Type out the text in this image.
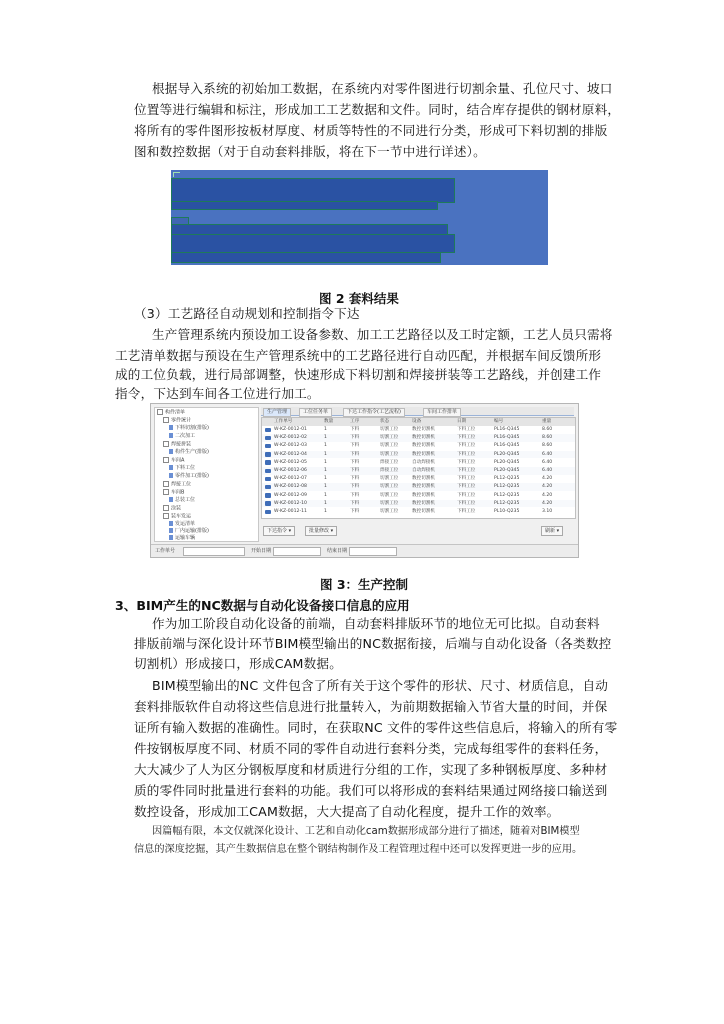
根据导入系统的初始加工数据，在系统内对零件图进行切割余量、孔位尺寸、坡口
位置等进行编辑和标注，形成加工工艺数据和文件。同时，结合库存提供的钢材原料，
将所有的零件图形按板材厚度、材质等特性的不同进行分类，形成可下料切割的排版
图和数控数据（对于自动套料排版，将在下一节中进行详述）。
图 2 套料结果
（3）工艺路径自动规划和控制指令下达
生产管理系统内预设加工设备参数、加工工艺路径以及工时定额，工艺人员只需将
工艺清单数据与预设在生产管理系统中的工艺路径进行自动匹配，并根据车间反馈所形
成的工位负载，进行局部调整，快速形成下料切割和焊接拼装等工艺路线，并创建工作
指令，下达到车间各工位进行加工。
构件清单
零件统计
下料切割(排版)
二次加工
焊接拼装
构件生产(排版)
车间A
下料工位
零件加工(排版)
焊接工位
车间B
总装工位
涂装
装车发运
发运清单
厂内运输(排版)
运输车辆
生产管理	工位任务单	下达工作指令(工艺流程)	车间工作排单
工作单号	数量	工序	状态	设备	日期	编号	重量
W-KZ-0012-01	1	下料	切割工位	数控切割机	下料工位	PL16-Q345	8.60
W-KZ-0012-02	1	下料	切割工位	数控切割机	下料工位	PL16-Q345	8.60
W-KZ-0012-03	1	下料	切割工位	数控切割机	下料工位	PL16-Q345	8.60
W-KZ-0012-04	1	下料	切割工位	数控切割机	下料工位	PL20-Q345	6.40
W-KZ-0012-05	1	下料	焊接工位	自动焊接机	下料工位	PL20-Q345	6.40
W-KZ-0012-06	1	下料	焊接工位	自动焊接机	下料工位	PL20-Q345	6.40
W-KZ-0012-07	1	下料	切割工位	数控切割机	下料工位	PL12-Q235	4.20
W-KZ-0012-08	1	下料	切割工位	数控切割机	下料工位	PL12-Q235	4.20
W-KZ-0012-09	1	下料	切割工位	数控切割机	下料工位	PL12-Q235	4.20
W-KZ-0012-10	1	下料	切割工位	数控切割机	下料工位	PL12-Q235	4.20
W-KZ-0012-11	1	下料	切割工位	数控切割机	下料工位	PL10-Q235	3.10
下达指令 ▾	批量修改 ▾	刷新 ▾
工作单号	开始日期	结束日期
图 3：生产控制
3、BIM产生的NC数据与自动化设备接口信息的应用
作为加工阶段自动化设备的前端，自动套料排版环节的地位无可比拟。自动套料
排版前端与深化设计环节BIM模型输出的NC数据衔接，后端与自动化设备（各类数控
切割机）形成接口，形成CAM数据。
BIM模型输出的NC 文件包含了所有关于这个零件的形状、尺寸、材质信息，自动
套料排版软件自动将这些信息进行批量转入，为前期数据输入节省大量的时间，并保
证所有输入数据的准确性。同时，在获取NC 文件的零件这些信息后，将输入的所有零
件按钢板厚度不同、材质不同的零件自动进行套料分类，完成每组零件的套料任务，
大大减少了人为区分钢板厚度和材质进行分组的工作，实现了多种钢板厚度、多种材
质的零件同时批量进行套料的功能。我们可以将形成的套料结果通过网络接口输送到
数控设备，形成加工CAM数据，大大提高了自动化程度，提升工作的效率。
因篇幅有限，本文仅就深化设计、工艺和自动化cam数据形成部分进行了描述，随着对BIM模型
信息的深度挖掘，其产生数据信息在整个钢结构制作及工程管理过程中还可以发挥更进一步的应用。
